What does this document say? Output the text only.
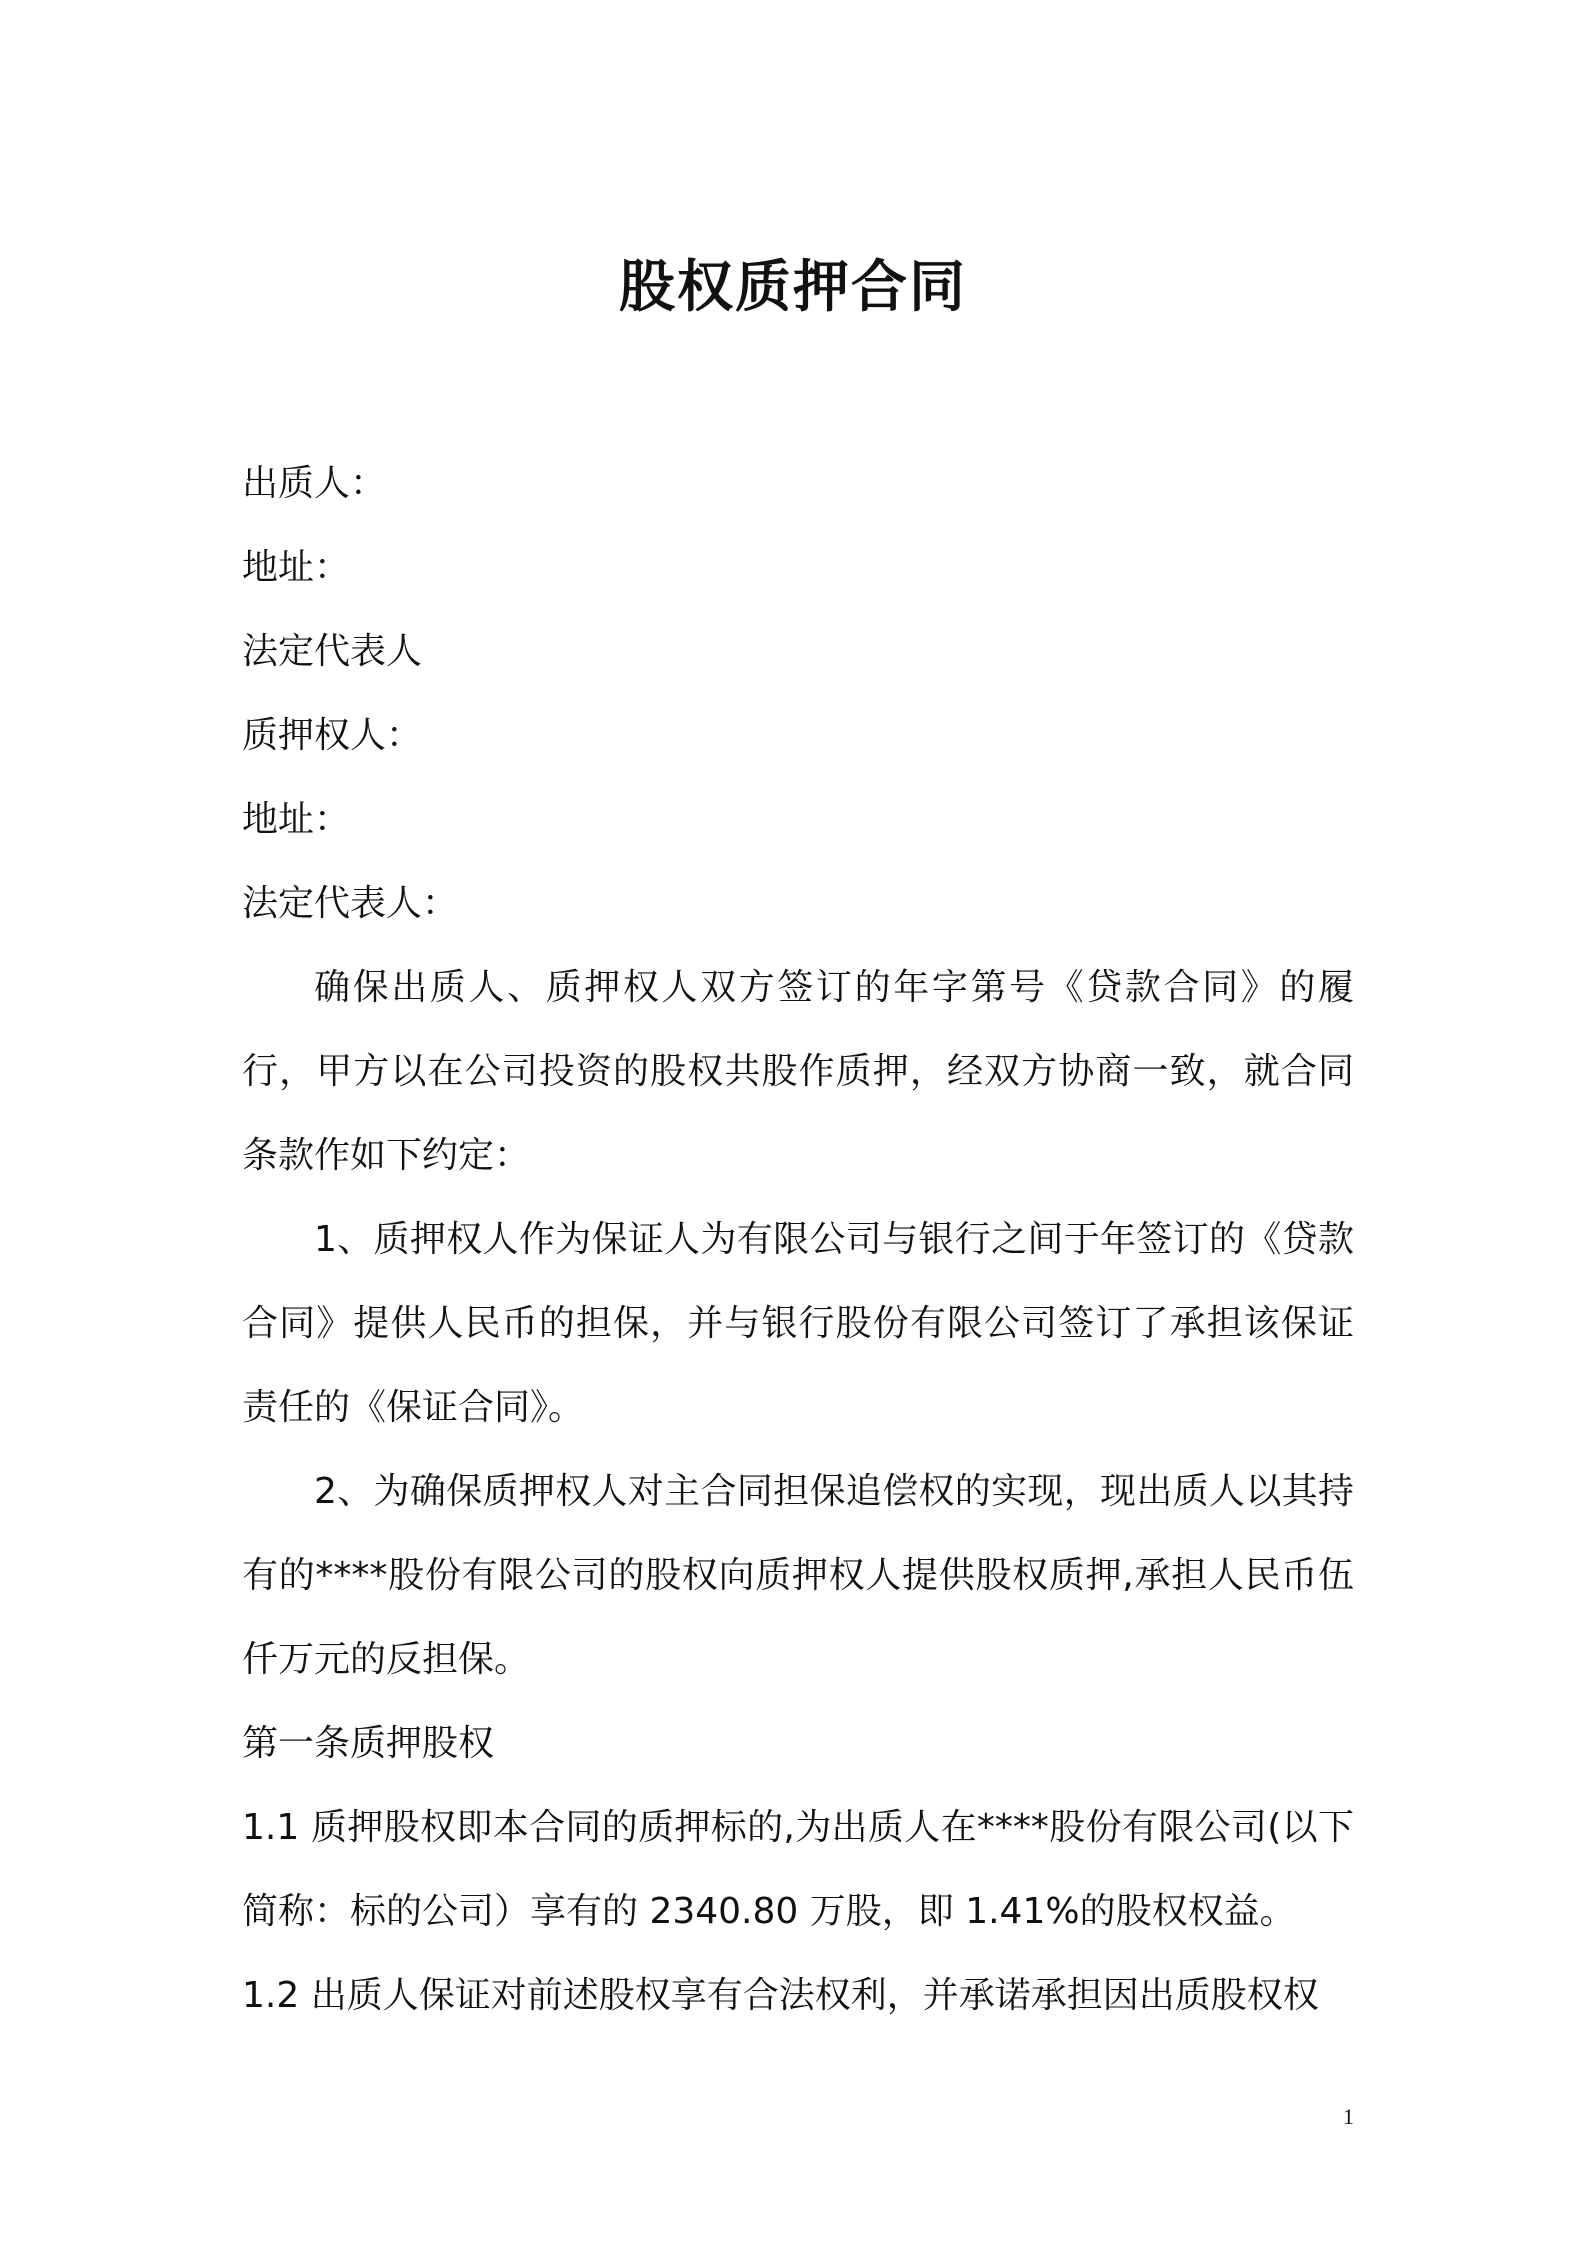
股权质押合同
出质人：
地址：
法定代表人
质押权人：
地址：
法定代表人：

确保出质人、质押权人双方签订的年字第号《贷款合同》的履行，甲方以在公司投资的股权共股作质押，经双方协商一致，就合同条款作如下约定：

1、质押权人作为保证人为有限公司与银行之间于年签订的《贷款合同》提供人民币的担保，并与银行股份有限公司签订了承担该保证责任的《保证合同》。

2、为确保质押权人对主合同担保追偿权的实现，现出质人以其持有的****股份有限公司的股权向质押权人提供股权质押,承担人民币伍仟万元的反担保。

第一条质押股权

1.1 质押股权即本合同的质押标的,为出质人在****股份有限公司(以下简称：标的公司）享有的 2340.80 万股，即 1.41%的股权权益。

1.2 出质人保证对前述股权享有合法权利，并承诺承担因出质股权权

1
